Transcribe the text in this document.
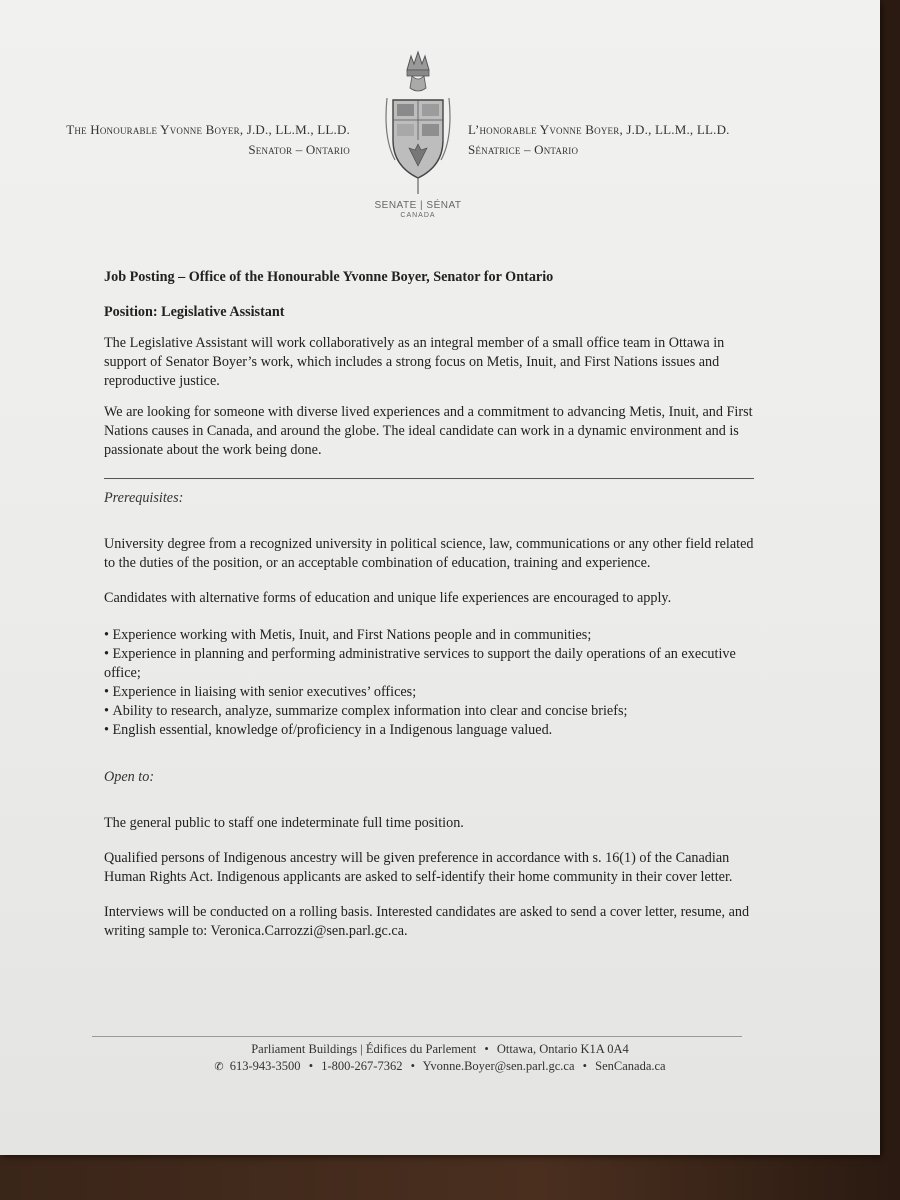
The Honourable Yvonne Boyer, J.D., LL.M., LL.D.
Senator – Ontario
SENATE | SÉNAT
CANADA
L’honorable Yvonne Boyer, J.D., LL.M., LL.D.
Sénatrice – Ontario

Job Posting – Office of the Honourable Yvonne Boyer, Senator for Ontario

Position: Legislative Assistant

The Legislative Assistant will work collaboratively as an integral member of a small office team in Ottawa in support of Senator Boyer’s work, which includes a strong focus on Metis, Inuit, and First Nations issues and reproductive justice.

We are looking for someone with diverse lived experiences and a commitment to advancing Metis, Inuit, and First Nations causes in Canada, and around the globe. The ideal candidate can work in a dynamic environment and is passionate about the work being done.

Prerequisites:

University degree from a recognized university in political science, law, communications or any other field related to the duties of the position, or an acceptable combination of education, training and experience.

Candidates with alternative forms of education and unique life experiences are encouraged to apply.

• Experience working with Metis, Inuit, and First Nations people and in communities;
• Experience in planning and performing administrative services to support the daily operations of an executive office;
• Experience in liaising with senior executives’ offices;
• Ability to research, analyze, summarize complex information into clear and concise briefs;
• English essential, knowledge of/proficiency in a Indigenous language valued.

Open to:

The general public to staff one indeterminate full time position.

Qualified persons of Indigenous ancestry will be given preference in accordance with s. 16(1) of the Canadian Human Rights Act. Indigenous applicants are asked to self-identify their home community in their cover letter.

Interviews will be conducted on a rolling basis. Interested candidates are asked to send a cover letter, resume, and writing sample to: Veronica.Carrozzi@sen.parl.gc.ca.

Parliament Buildings | Édifices du Parlement • Ottawa, Ontario K1A 0A4
✆ 613-943-3500 • 1-800-267-7362 • Yvonne.Boyer@sen.parl.gc.ca • SenCanada.ca
